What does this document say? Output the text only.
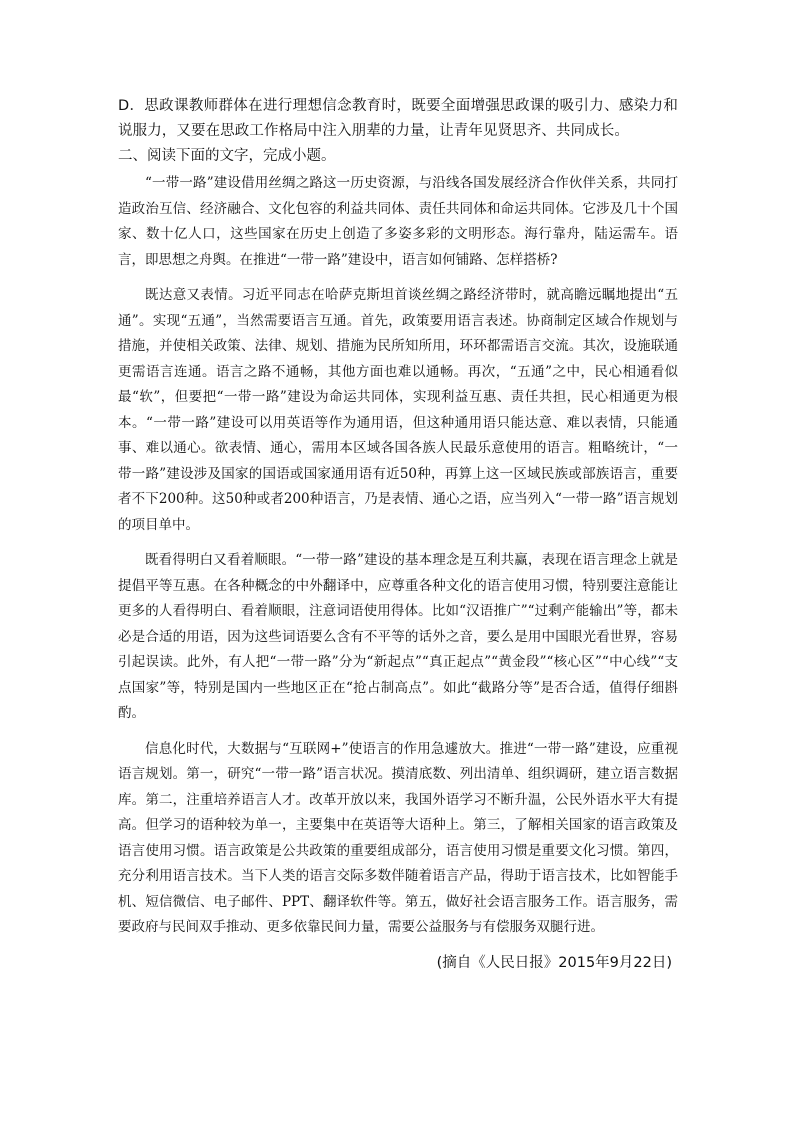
D．思政课教师群体在进行理想信念教育时，既要全面增强思政课的吸引力、感染力和说服力，又要在思政工作格局中注入朋辈的力量，让青年见贤思齐、共同成长。

二、阅读下面的文字，完成小题。

“一带一路”建设借用丝绸之路这一历史资源，与沿线各国发展经济合作伙伴关系，共同打造政治互信、经济融合、文化包容的利益共同体、责任共同体和命运共同体。它涉及几十个国家、数十亿人口，这些国家在历史上创造了多姿多彩的文明形态。海行靠舟，陆运需车。语言，即思想之舟舆。在推进“一带一路”建设中，语言如何铺路、怎样搭桥?

既达意又表情。习近平同志在哈萨克斯坦首谈丝绸之路经济带时，就高瞻远瞩地提出“五通”。实现“五通”，当然需要语言互通。首先，政策要用语言表述。协商制定区域合作规划与措施，并使相关政策、法律、规划、措施为民所知所用，环环都需语言交流。其次，设施联通更需语言连通。语言之路不通畅，其他方面也难以通畅。再次，“五通”之中，民心相通看似最“软”，但要把“一带一路”建设为命运共同体，实现利益互惠、责任共担，民心相通更为根本。“一带一路”建设可以用英语等作为通用语，但这种通用语只能达意、难以表情，只能通事、难以通心。欲表情、通心，需用本区域各国各族人民最乐意使用的语言。粗略统计，“一带一路”建设涉及国家的国语或国家通用语有近50种，再算上这一区域民族或部族语言，重要者不下200种。这50种或者200种语言，乃是表情、通心之语，应当列入“一带一路”语言规划的项目单中。

既看得明白又看着顺眼。“一带一路”建设的基本理念是互利共赢，表现在语言理念上就是提倡平等互惠。在各种概念的中外翻译中，应尊重各种文化的语言使用习惯，特别要注意能让更多的人看得明白、看着顺眼，注意词语使用得体。比如“汉语推广”“过剩产能输出”等，都未必是合适的用语，因为这些词语要么含有不平等的话外之音，要么是用中国眼光看世界，容易引起误读。此外，有人把“一带一路”分为“新起点”“真正起点”“黄金段”“核心区”“中心线”“支点国家”等，特别是国内一些地区正在“抢占制高点”。如此“截路分等”是否合适，值得仔细斟酌。

信息化时代，大数据与“互联网+”使语言的作用急遽放大。推进“一带一路”建设，应重视语言规划。第一，研究“一带一路”语言状况。摸清底数、列出清单、组织调研，建立语言数据库。第二，注重培养语言人才。改革开放以来，我国外语学习不断升温，公民外语水平大有提高。但学习的语种较为单一，主要集中在英语等大语种上。第三，了解相关国家的语言政策及语言使用习惯。语言政策是公共政策的重要组成部分，语言使用习惯是重要文化习惯。第四，充分利用语言技术。当下人类的语言交际多数伴随着语言产品，得助于语言技术，比如智能手机、短信微信、电子邮件、PPT、翻译软件等。第五，做好社会语言服务工作。语言服务，需要政府与民间双手推动、更多依靠民间力量，需要公益服务与有偿服务双腿行进。

(摘自《人民日报》2015年9月22日)
